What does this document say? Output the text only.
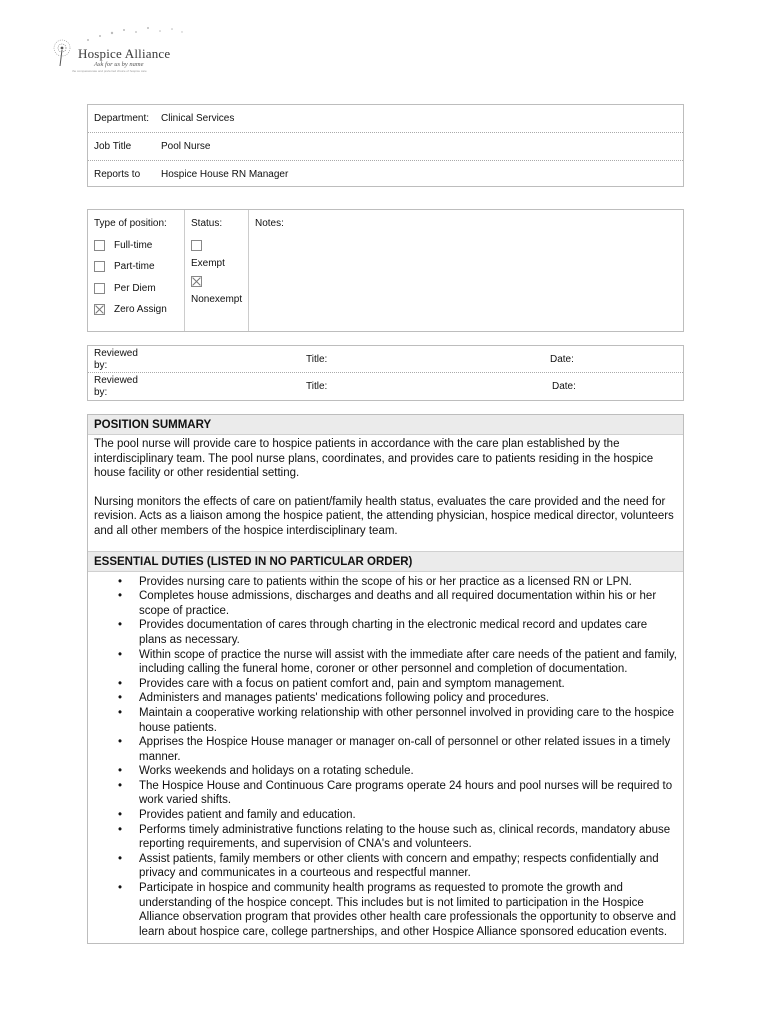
Hospice Alliance
Ask for us by name
the compassionate and preferred choice of hospice care
Department: Clinical Services
Job Title	Pool Nurse
Reports to Hospice House RN Manager
Type of position:
Full-time
Part-time
Per Diem
Zero Assign
Status:
Exempt
Nonexempt
Notes:
Reviewed by:
Title:	Date:
Reviewed by:
Title:	Date:
POSITION SUMMARY

The pool nurse will provide care to hospice patients in accordance with the care plan established by the interdisciplinary team. The pool nurse plans, coordinates, and provides care to patients residing in the hospice house facility or other residential setting.

Nursing monitors the effects of care on patient/family health status, evaluates the care provided and the need for revision. Acts as a liaison among the hospice patient, the attending physician, hospice medical director, volunteers and all other members of the hospice interdisciplinary team.

ESSENTIAL DUTIES (LISTED IN NO PARTICULAR ORDER)
• Provides nursing care to patients within the scope of his or her practice as a licensed RN or LPN.
• Completes house admissions, discharges and deaths and all required documentation within his or her scope of practice.
• Provides documentation of cares through charting in the electronic medical record and updates care plans as necessary.
• Within scope of practice the nurse will assist with the immediate after care needs of the patient and family, including calling the funeral home, coroner or other personnel and completion of documentation.
• Provides care with a focus on patient comfort and, pain and symptom management.
• Administers and manages patients' medications following policy and procedures.
• Maintain a cooperative working relationship with other personnel involved in providing care to the hospice house patients.
• Apprises the Hospice House manager or manager on-call of personnel or other related issues in a timely manner.
• Works weekends and holidays on a rotating schedule.
• The Hospice House and Continuous Care programs operate 24 hours and pool nurses will be required to work varied shifts.
• Provides patient and family and education.
• Performs timely administrative functions relating to the house such as, clinical records, mandatory abuse reporting requirements, and supervision of CNA's and volunteers.
• Assist patients, family members or other clients with concern and empathy; respects confidentially and privacy and communicates in a courteous and respectful manner.
• Participate in hospice and community health programs as requested to promote the growth and understanding of the hospice concept. This includes but is not limited to participation in the Hospice Alliance observation program that provides other health care professionals the opportunity to observe and learn about hospice care, college partnerships, and other Hospice Alliance sponsored education events.
